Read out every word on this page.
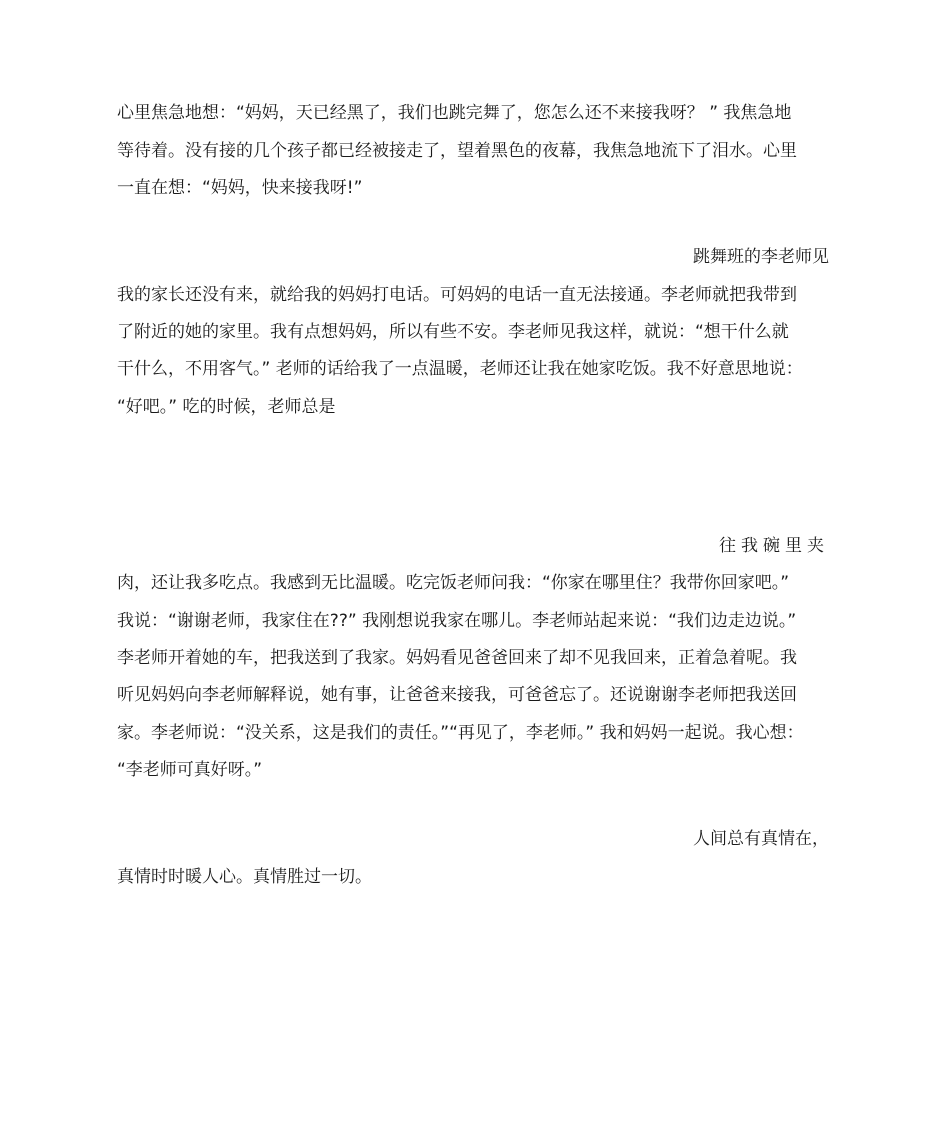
心里焦急地想：“妈妈，天已经黑了，我们也跳完舞了，您怎么还不来接我呀？ ” 我焦急地
等待着。没有接的几个孩子都已经被接走了，望着黑色的夜幕，我焦急地流下了泪水。心里
一直在想：“妈妈，快来接我呀!”
跳舞班的李老师见
我的家长还没有来，就给我的妈妈打电话。可妈妈的电话一直无法接通。李老师就把我带到
了附近的她的家里。我有点想妈妈，所以有些不安。李老师见我这样，就说：“想干什么就
干什么，不用客气。” 老师的话给我了一点温暖，老师还让我在她家吃饭。我不好意思地说：
“好吧。” 吃的时候，老师总是
往我碗里夹
肉，还让我多吃点。我感到无比温暖。吃完饭老师问我：“你家在哪里住？我带你回家吧。”
我说：“谢谢老师，我家住在??” 我刚想说我家在哪儿。李老师站起来说：“我们边走边说。”
李老师开着她的车，把我送到了我家。妈妈看见爸爸回来了却不见我回来，正着急着呢。我
听见妈妈向李老师解释说，她有事，让爸爸来接我，可爸爸忘了。还说谢谢李老师把我送回
家。李老师说：“没关系，这是我们的责任。”“再见了，李老师。” 我和妈妈一起说。我心想：
“李老师可真好呀。”
人间总有真情在，
真情时时暖人心。真情胜过一切。
